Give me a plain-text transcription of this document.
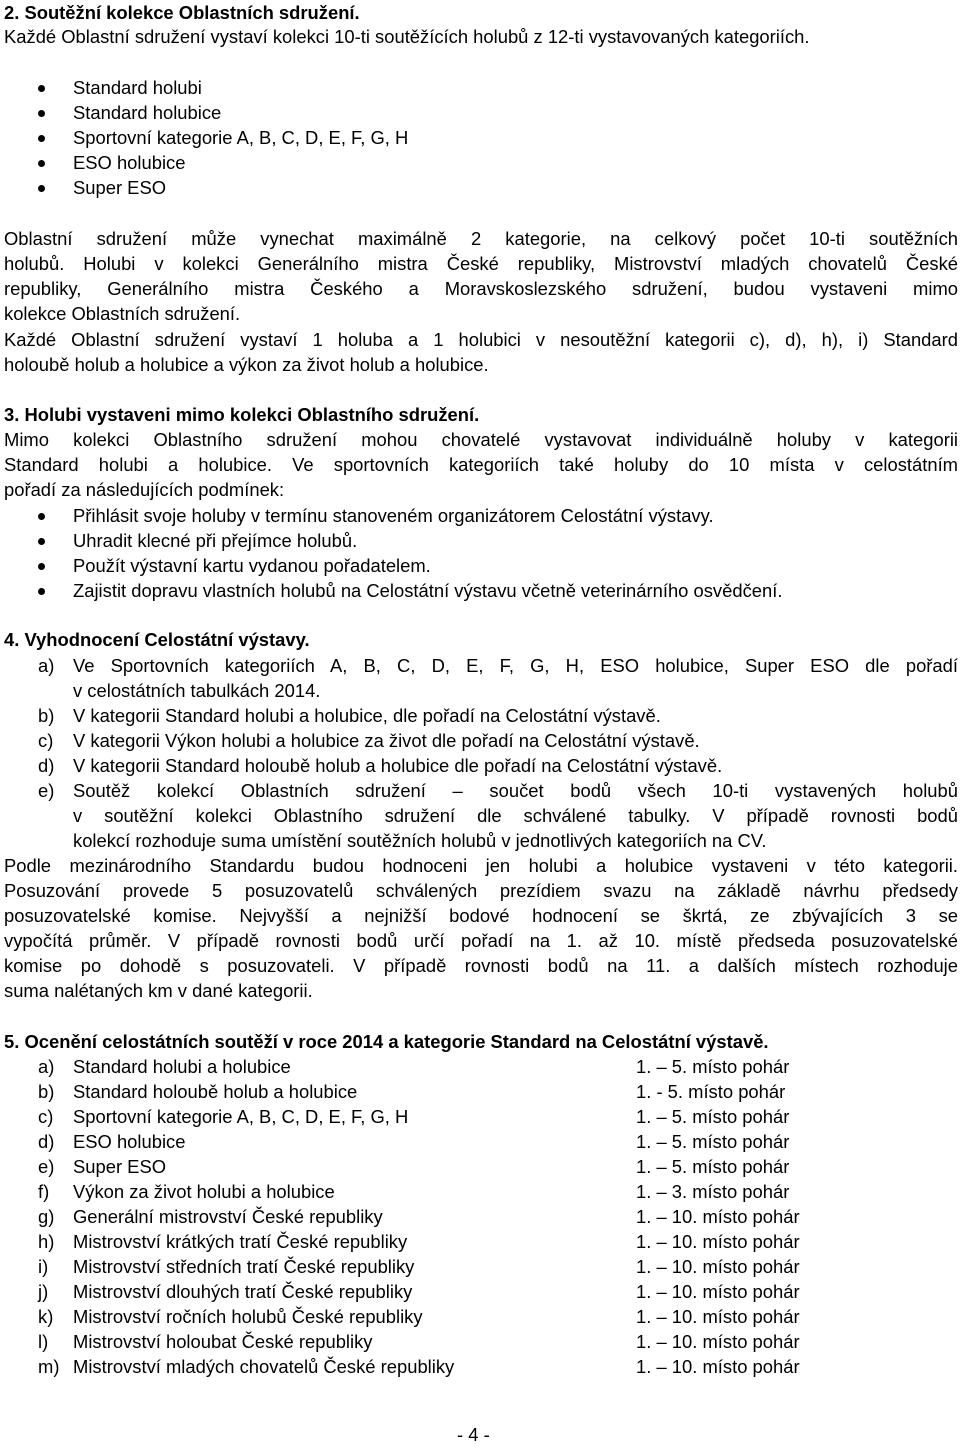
2. Soutěžní kolekce Oblastních sdružení.
Každé Oblastní sdružení vystaví kolekci 10-ti soutěžících holubů z 12-ti vystavovaných kategoriích.
Standard holubi
Standard holubice
Sportovní kategorie A, B, C, D, E, F, G, H
ESO holubice
Super ESO
Oblastní sdružení může vynechat maximálně 2 kategorie, na celkový počet 10-ti soutěžních
holubů. Holubi v kolekci Generálního mistra České republiky, Mistrovství mladých chovatelů České
republiky, Generálního mistra Českého a Moravskoslezského sdružení, budou vystaveni mimo
kolekce Oblastních sdružení.
Každé Oblastní sdružení vystaví 1 holuba a 1 holubici v nesoutěžní kategorii c), d), h), i) Standard
holoubě holub a holubice a výkon za život holub a holubice.
3. Holubi vystaveni mimo kolekci Oblastního sdružení.
Mimo kolekci Oblastního sdružení mohou chovatelé vystavovat individuálně holuby v kategorii
Standard holubi a holubice. Ve sportovních kategoriích také holuby do 10 místa v celostátním
pořadí za následujících podmínek:
Přihlásit svoje holuby v termínu stanoveném organizátorem Celostátní výstavy.
Uhradit klecné při přejímce holubů.
Použít výstavní kartu vydanou pořadatelem.
Zajistit dopravu vlastních holubů na Celostátní výstavu včetně veterinárního osvědčení.
4. Vyhodnocení Celostátní výstavy.
a) Ve Sportovních kategoriích A, B, C, D, E, F, G, H, ESO holubice, Super ESO dle pořadí
v celostátních tabulkách 2014.
b) V kategorii Standard holubi a holubice, dle pořadí na Celostátní výstavě.
c) V kategorii Výkon holubi a holubice za život dle pořadí na Celostátní výstavě.
d) V kategorii Standard holoubě holub a holubice dle pořadí na Celostátní výstavě.
e) Soutěž kolekcí Oblastních sdružení – součet bodů všech 10-ti vystavených holubů
v soutěžní kolekci Oblastního sdružení dle schválené tabulky. V případě rovnosti bodů
kolekcí rozhoduje suma umístění soutěžních holubů v jednotlivých kategoriích na CV.
Podle mezinárodního Standardu budou hodnoceni jen holubi a holubice vystaveni v této kategorii.
Posuzování provede 5 posuzovatelů schválených prezídiem svazu na základě návrhu předsedy
posuzovatelské komise. Nejvyšší a nejnižší bodové hodnocení se škrtá, ze zbývajících 3 se
vypočítá průměr. V případě rovnosti bodů určí pořadí na 1. až 10. místě předseda posuzovatelské
komise po dohodě s posuzovateli. V případě rovnosti bodů na 11. a dalších místech rozhoduje
suma nalétaných km v dané kategorii.
5. Ocenění celostátních soutěží v roce 2014 a kategorie Standard na Celostátní výstavě.
a) Standard holubi a holubice	1. – 5. místo pohár
b) Standard holoubě holub a holubice	1. - 5. místo pohár
c) Sportovní kategorie A, B, C, D, E, F, G, H	1. – 5. místo pohár
d) ESO holubice	1. – 5. místo pohár
e) Super ESO	1. – 5. místo pohár
f) Výkon za život holubi a holubice	1. – 3. místo pohár
g) Generální mistrovství České republiky	1. – 10. místo pohár
h) Mistrovství krátkých tratí České republiky	1. – 10. místo pohár
i) Mistrovství středních tratí České republiky	1. – 10. místo pohár
j) Mistrovství dlouhých tratí České republiky	1. – 10. místo pohár
k) Mistrovství ročních holubů České republiky	1. – 10. místo pohár
l) Mistrovství holoubat České republiky	1. – 10. místo pohár
m) Mistrovství mladých chovatelů České republiky	1. – 10. místo pohár
- 4 -
